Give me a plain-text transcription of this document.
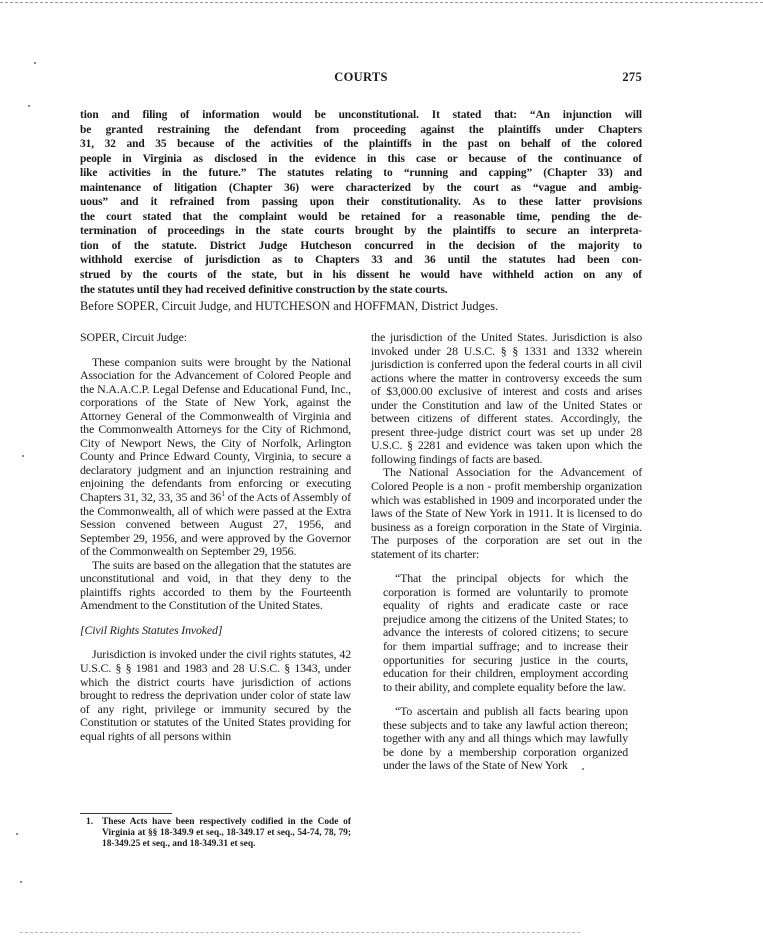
COURTS	275
tion and filing of information would be unconstitutional. It stated that: “An injunction will
be granted restraining the defendant from proceeding against the plaintiffs under Chapters
31, 32 and 35 because of the activities of the plaintiffs in the past on behalf of the colored
people in Virginia as disclosed in the evidence in this case or because of the continuance of
like activities in the future.” The statutes relating to “running and capping” (Chapter 33) and
maintenance of litigation (Chapter 36) were characterized by the court as “vague and ambig-
uous” and it refrained from passing upon their constitutionality. As to these latter provisions
the court stated that the complaint would be retained for a reasonable time, pending the de-
termination of proceedings in the state courts brought by the plaintiffs to secure an interpreta-
tion of the statute. District Judge Hutcheson concurred in the decision of the majority to
withhold exercise of jurisdiction as to Chapters 33 and 36 until the statutes had been con-
strued by the courts of the state, but in his dissent he would have withheld action on any of
the statutes until they had received definitive construction by the state courts.
Before SOPER, Circuit Judge, and HUTCHESON and HOFFMAN, District Judges.

SOPER, Circuit Judge:

These companion suits were brought by the National Association for the Advancement of Colored People and the N.A.A.C.P. Legal Defense and Educational Fund, Inc., corporations of the State of New York, against the Attorney General of the Commonwealth of Virginia and the Commonwealth Attorneys for the City of Richmond, City of Newport News, the City of Norfolk, Arlington County and Prince Edward County, Virginia, to secure a declaratory judgment and an injunction restraining and enjoining the defendants from enforcing or executing Chapters 31, 32, 33, 35 and $36^1$ of the Acts of Assembly of the Commonwealth, all of which were passed at the Extra Session convened between August 27, 1956, and September 29, 1956, and were approved by the Governor of the Commonwealth on September 29, 1956.

The suits are based on the allegation that the statutes are unconstitutional and void, in that they deny to the plaintiffs rights accorded to them by the Fourteenth Amendment to the Constitution of the United States.

[Civil Rights Statutes Invoked]

Jurisdiction is invoked under the civil rights statutes, 42 U.S.C. § § 1981 and 1983 and 28 U.S.C. § 1343, under which the district courts have jurisdiction of actions brought to redress the deprivation under color of state law of any right, privilege or immunity secured by the Constitution or statutes of the United States providing for equal rights of all persons within

the jurisdiction of the United States. Jurisdiction is also invoked under 28 U.S.C. § § 1331 and 1332 wherein jurisdiction is conferred upon the federal courts in all civil actions where the matter in controversy exceeds the sum of $3,000.00 exclusive of interest and costs and arises under the Constitution and law of the United States or between citizens of different states. Accordingly, the present three-judge district court was set up under 28 U.S.C. § 2281 and evidence was taken upon which the following findings of facts are based.

The National Association for the Advancement of Colored People is a non - profit membership organization which was established in 1909 and incorporated under the laws of the State of New York in 1911. It is licensed to do business as a foreign corporation in the State of Virginia. The purposes of the corporation are set out in the statement of its charter:

“That the principal objects for which the corporation is formed are voluntarily to promote equality of rights and eradicate caste or race prejudice among the citizens of the United States; to advance the interests of colored citizens; to secure for them impartial suffrage; and to increase their opportunities for securing justice in the courts, education for their children, employment according to their ability, and complete equality before the law.

“To ascertain and publish all facts bearing upon these subjects and to take any lawful action thereon; together with any and all things which may lawfully be done by a membership corporation organized under the laws of the State of New York

1. These Acts have been respectively codified in the Code of Virginia at §§ 18-349.9 et seq., 18-349.17 et seq., 54-74, 78, 79; 18-349.25 et seq., and 18-349.31 et seq.
